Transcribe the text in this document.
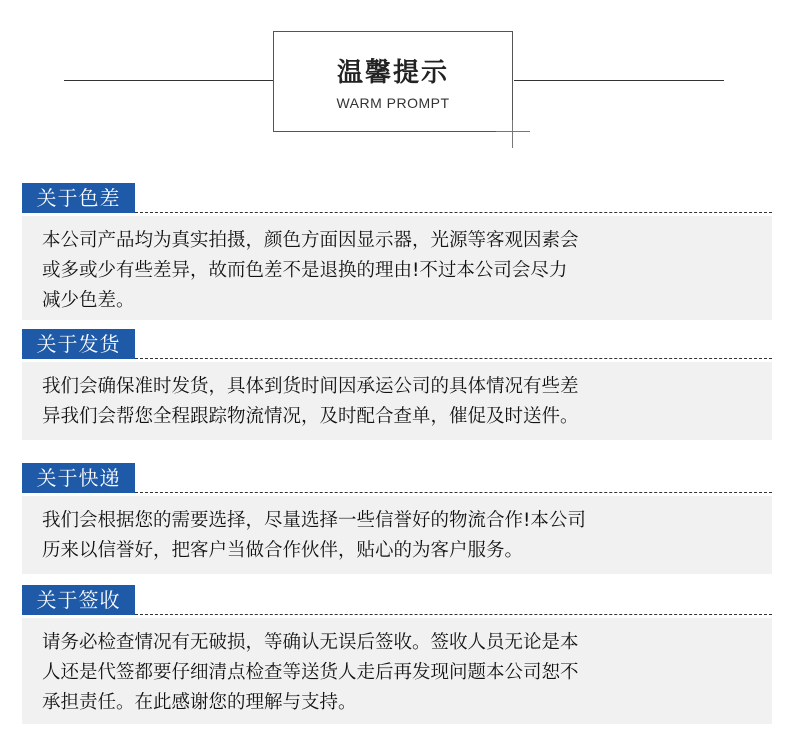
温馨提示
WARM PROMPT
关于色差
本公司产品均为真实拍摄，颜色方面因显示器，光源等客观因素会
或多或少有些差异，故而色差不是退换的理由!不过本公司会尽力
减少色差。
关于发货
我们会确保准时发货，具体到货时间因承运公司的具体情况有些差
异我们会帮您全程跟踪物流情况，及时配合查单，催促及时送件。
关于快递
我们会根据您的需要选择，尽量选择一些信誉好的物流合作!本公司
历来以信誉好，把客户当做合作伙伴，贴心的为客户服务。
关于签收
请务必检查情况有无破损，等确认无误后签收。签收人员无论是本
人还是代签都要仔细清点检查等送货人走后再发现问题本公司恕不
承担责任。在此感谢您的理解与支持。
